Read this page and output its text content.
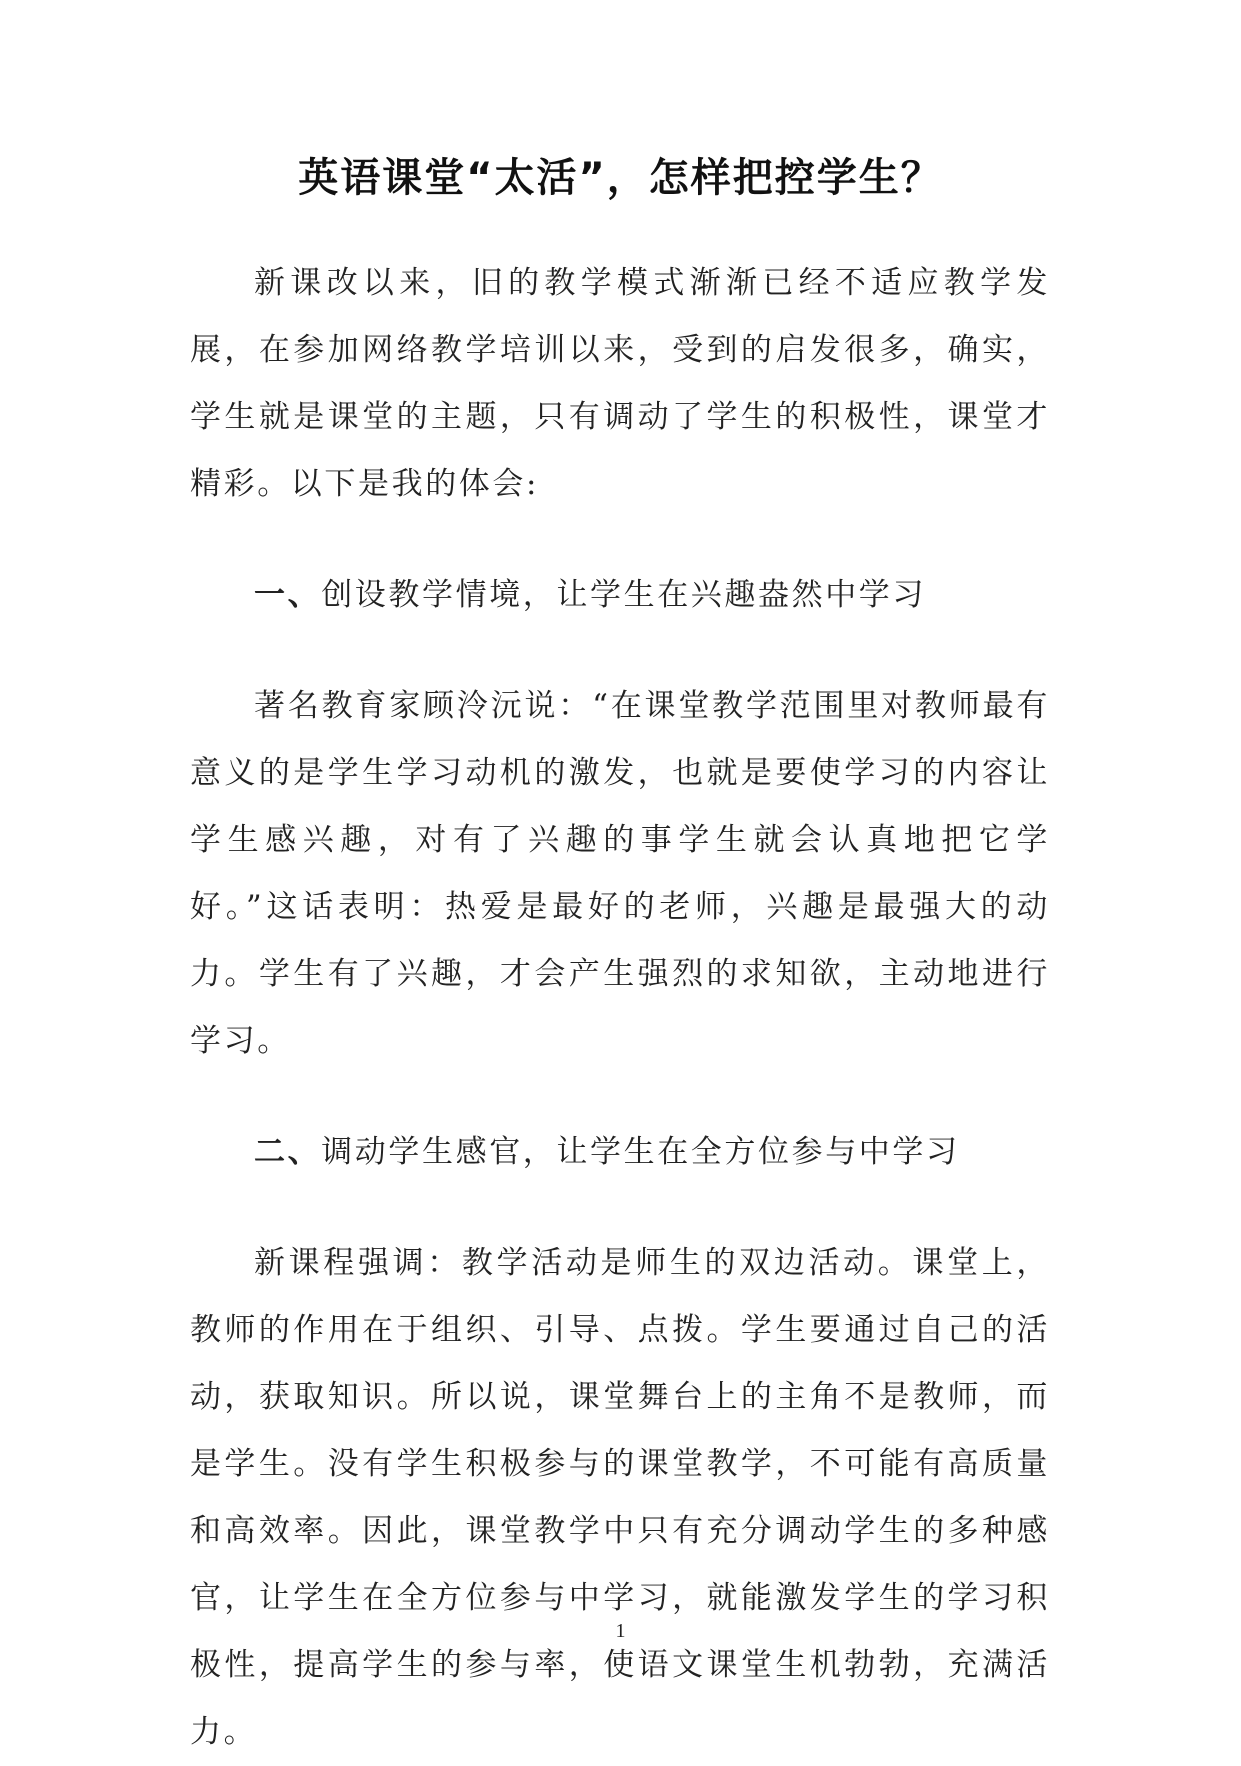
英语课堂“太活”，怎样把控学生？

新课改以来，旧的教学模式渐渐已经不适应教学发展，在参加网络教学培训以来，受到的启发很多，确实，学生就是课堂的主题，只有调动了学生的积极性，课堂才精彩。以下是我的体会:

一、创设教学情境，让学生在兴趣盎然中学习

著名教育家顾泠沅说：“在课堂教学范围里对教师最有意义的是学生学习动机的激发，也就是要使学习的内容让学生感兴趣，对有了兴趣的事学生就会认真地把它学好。”这话表明：热爱是最好的老师，兴趣是最强大的动力。学生有了兴趣，才会产生强烈的求知欲，主动地进行学习。

二、调动学生感官，让学生在全方位参与中学习

新课程强调：教学活动是师生的双边活动。课堂上，教师的作用在于组织、引导、点拨。学生要通过自己的活动，获取知识。所以说，课堂舞台上的主角不是教师，而是学生。没有学生积极参与的课堂教学，不可能有高质量和高效率。因此，课堂教学中只有充分调动学生的多种感官，让学生在全方位参与中学习，就能激发学生的学习积极性，提高学生的参与率，使语文课堂生机勃勃，充满活力。

1
